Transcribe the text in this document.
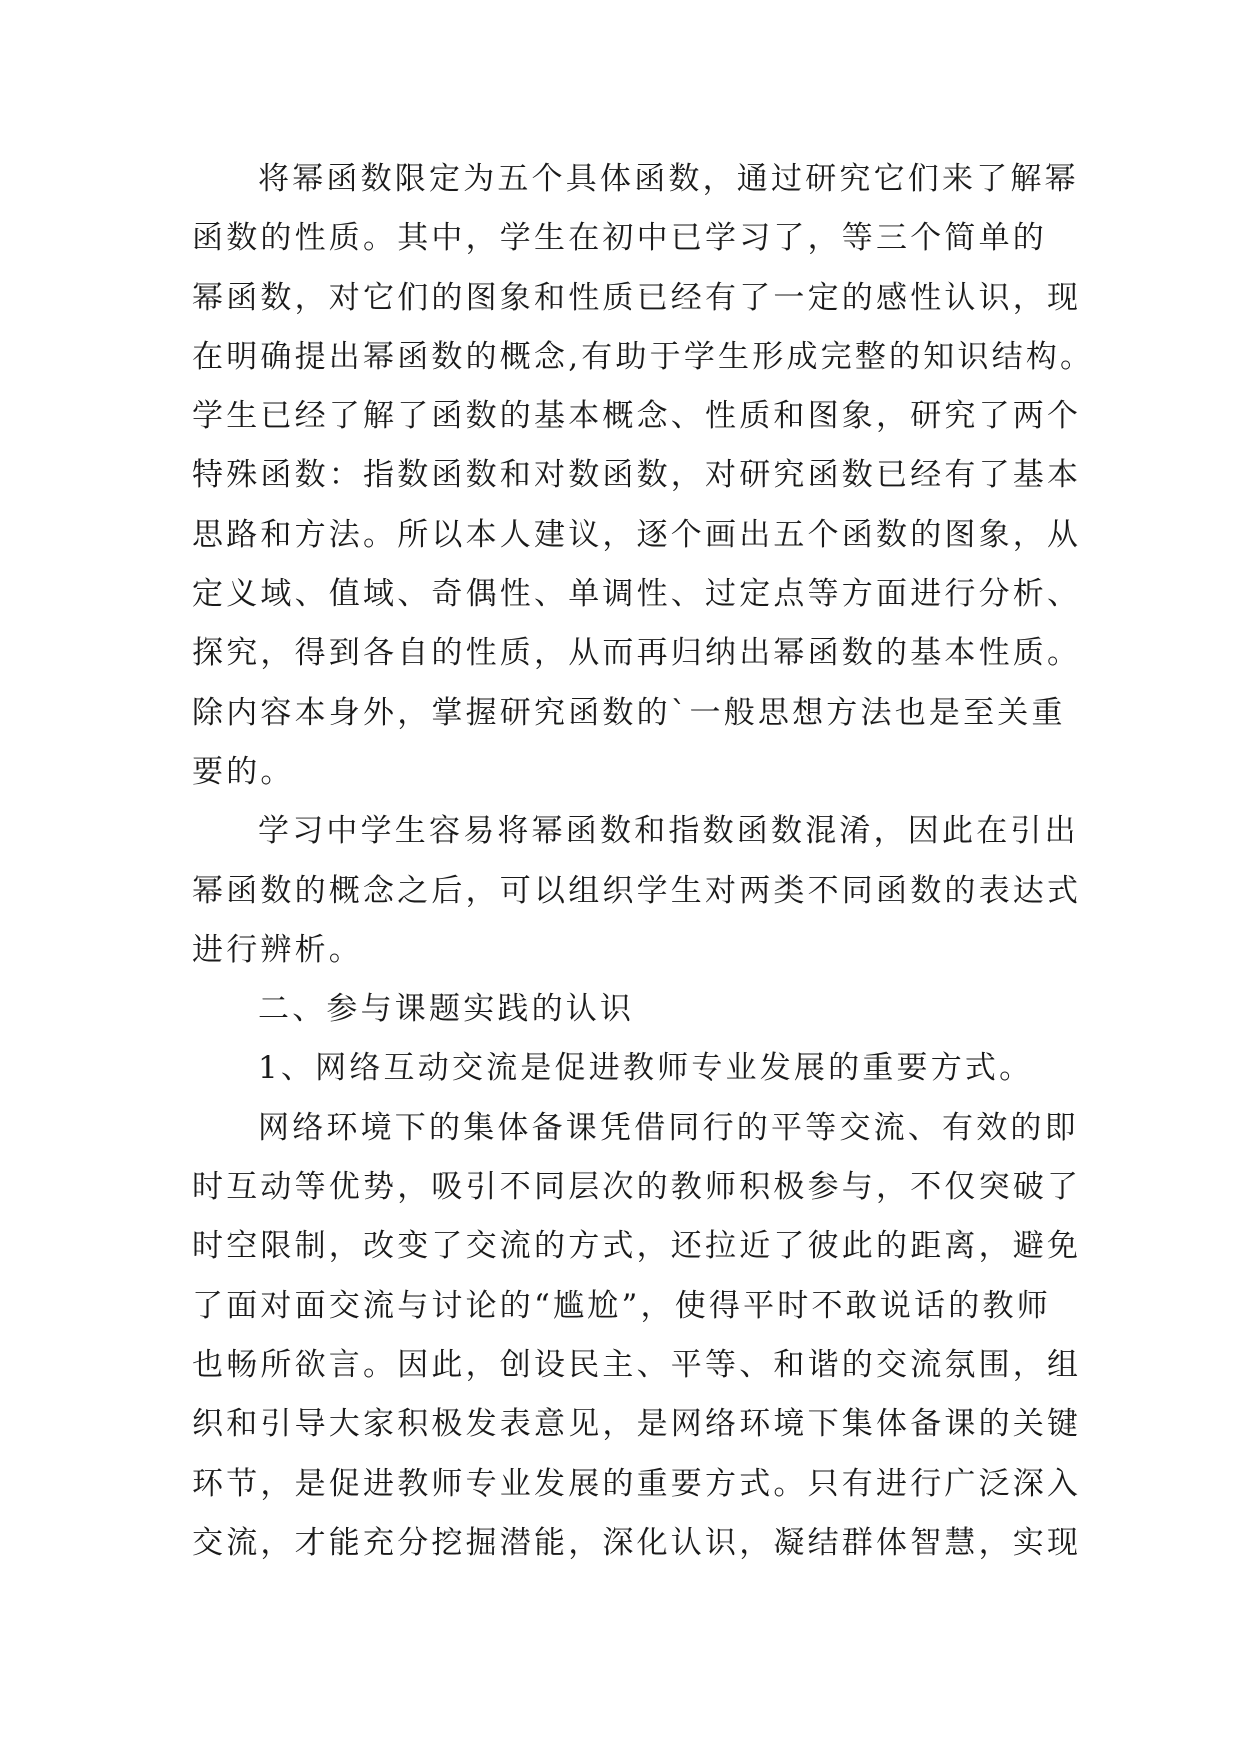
将幂函数限定为五个具体函数，通过研究它们来了解幂
函数的性质。其中，学生在初中已学习了，等三个简单的
幂函数，对它们的图象和性质已经有了一定的感性认识，现
在明确提出幂函数的概念,有助于学生形成完整的知识结构。
学生已经了解了函数的基本概念、性质和图象，研究了两个
特殊函数：指数函数和对数函数，对研究函数已经有了基本
思路和方法。所以本人建议，逐个画出五个函数的图象，从
定义域、值域、奇偶性、单调性、过定点等方面进行分析、
探究，得到各自的性质，从而再归纳出幂函数的基本性质。
除内容本身外，掌握研究函数的`一般思想方法也是至关重
要的。
学习中学生容易将幂函数和指数函数混淆，因此在引出
幂函数的概念之后，可以组织学生对两类不同函数的表达式
进行辨析。
二、参与课题实践的认识
1、网络互动交流是促进教师专业发展的重要方式。
网络环境下的集体备课凭借同行的平等交流、有效的即
时互动等优势，吸引不同层次的教师积极参与，不仅突破了
时空限制，改变了交流的方式，还拉近了彼此的距离，避免
了面对面交流与讨论的“尴尬”，使得平时不敢说话的教师
也畅所欲言。因此，创设民主、平等、和谐的交流氛围，组
织和引导大家积极发表意见，是网络环境下集体备课的关键
环节，是促进教师专业发展的重要方式。只有进行广泛深入
交流，才能充分挖掘潜能，深化认识，凝结群体智慧，实现
